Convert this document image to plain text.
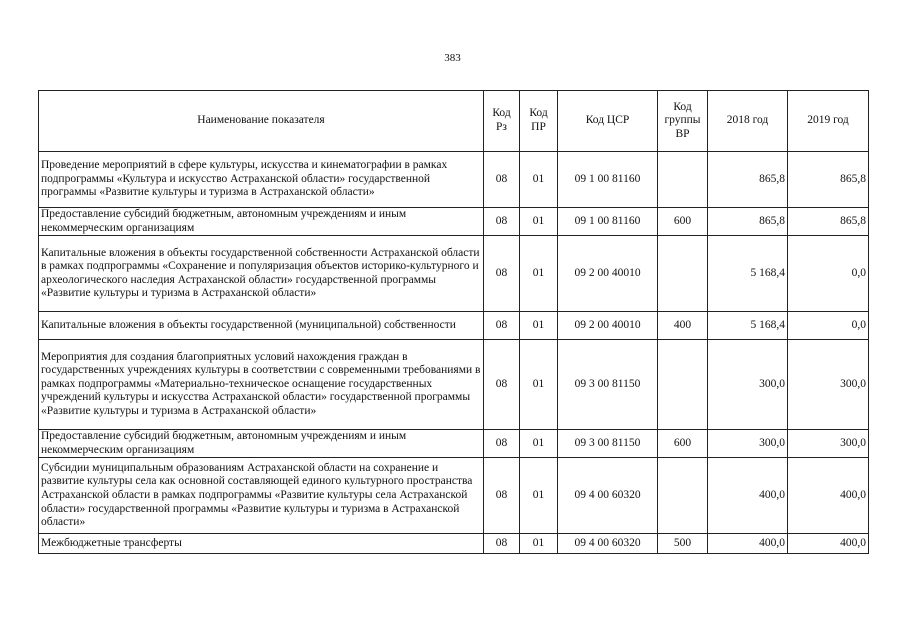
383
Наименование показателя	Код Рз	Код ПР	Код ЦСР	Код группы ВР	2018 год	2019 год
Проведение мероприятий в сфере культуры, искусства и кинематографии в рамках подпрограммы «Культура и искусство Астраханской области» государственной программы «Развитие культуры и туризма в Астраханской области»	08	01	09 1 00 81160		865,8	865,8
Предоставление субсидий бюджетным, автономным учреждениям и иным некоммерческим организациям	08	01	09 1 00 81160	600	865,8	865,8
Капитальные вложения в объекты государственной собственности Астраханской области в рамках подпрограммы «Сохранение и популяризация объектов историко-культурного и археологического наследия Астраханской области» государственной программы «Развитие культуры и туризма в Астраханской области»	08	01	09 2 00 40010		5 168,4	0,0
Капитальные вложения в объекты государственной (муниципальной) собственности	08	01	09 2 00 40010	400	5 168,4	0,0
Мероприятия для создания благоприятных условий нахождения граждан в государственных учреждениях культуры в соответствии с современными требованиями в рамках подпрограммы «Материально-техническое оснащение государственных учреждений культуры и искусства Астраханской области» государственной программы «Развитие культуры и туризма в Астраханской области»	08	01	09 3 00 81150		300,0	300,0
Предоставление субсидий бюджетным, автономным учреждениям и иным некоммерческим организациям	08	01	09 3 00 81150	600	300,0	300,0
Субсидии муниципальным образованиям Астраханской области на сохранение и развитие культуры села как основной составляющей единого культурного пространства Астраханской области в рамках подпрограммы «Развитие культуры села Астраханской области» государственной программы «Развитие культуры и туризма в Астраханской области»	08	01	09 4 00 60320		400,0	400,0
Межбюджетные трансферты	08	01	09 4 00 60320	500	400,0	400,0
